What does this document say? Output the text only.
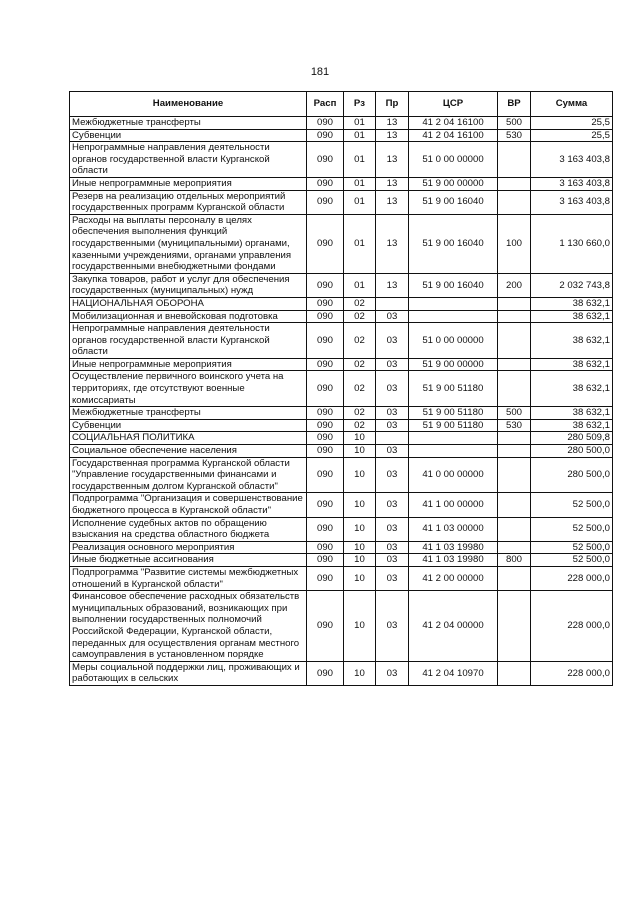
181
Наименование	Расп	Рз	Пр	ЦСР	ВР	Сумма
Межбюджетные трансферты	090	01	13	41 2 04 16100	500	25,5
Субвенции	090	01	13	41 2 04 16100	530	25,5
Непрограммные направления деятельности органов государственной власти Курганской области	090	01	13	51 0 00 00000		3 163 403,8
Иные непрограммные мероприятия	090	01	13	51 9 00 00000		3 163 403,8
Резерв на реализацию отдельных мероприятий государственных программ Курганской области	090	01	13	51 9 00 16040		3 163 403,8
Расходы на выплаты персоналу в целях обеспечения выполнения функций государственными (муниципальными) органами, казенными учреждениями, органами управления государственными внебюджетными фондами	090	01	13	51 9 00 16040	100	1 130 660,0
Закупка товаров, работ и услуг для обеспечения государственных (муниципальных) нужд	090	01	13	51 9 00 16040	200	2 032 743,8
НАЦИОНАЛЬНАЯ ОБОРОНА	090	02				38 632,1
Мобилизационная и вневойсковая подготовка	090	02	03			38 632,1
Непрограммные направления деятельности органов государственной власти Курганской области	090	02	03	51 0 00 00000		38 632,1
Иные непрограммные мероприятия	090	02	03	51 9 00 00000		38 632,1
Осуществление первичного воинского учета на территориях, где отсутствуют военные комиссариаты	090	02	03	51 9 00 51180		38 632,1
Межбюджетные трансферты	090	02	03	51 9 00 51180	500	38 632,1
Субвенции	090	02	03	51 9 00 51180	530	38 632,1
СОЦИАЛЬНАЯ ПОЛИТИКА	090	10				280 509,8
Социальное обеспечение населения	090	10	03			280 500,0
Государственная программа Курганской области "Управление государственными финансами и государственным долгом Курганской области"	090	10	03	41 0 00 00000		280 500,0
Подпрограмма "Организация и совершенствование бюджетного процесса в Курганской области"	090	10	03	41 1 00 00000		52 500,0
Исполнение судебных актов по обращению взыскания на средства областного бюджета	090	10	03	41 1 03 00000		52 500,0
Реализация основного мероприятия	090	10	03	41 1 03 19980		52 500,0
Иные бюджетные ассигнования	090	10	03	41 1 03 19980	800	52 500,0
Подпрограмма "Развитие системы межбюджетных отношений в Курганской области"	090	10	03	41 2 00 00000		228 000,0
Финансовое обеспечение расходных обязательств муниципальных образований, возникающих при выполнении государственных полномочий Российской Федерации, Курганской области, переданных для осуществления органам местного самоуправления в установленном порядке	090	10	03	41 2 04 00000		228 000,0
Меры социальной поддержки лиц, проживающих и работающих в сельских	090	10	03	41 2 04 10970		228 000,0
